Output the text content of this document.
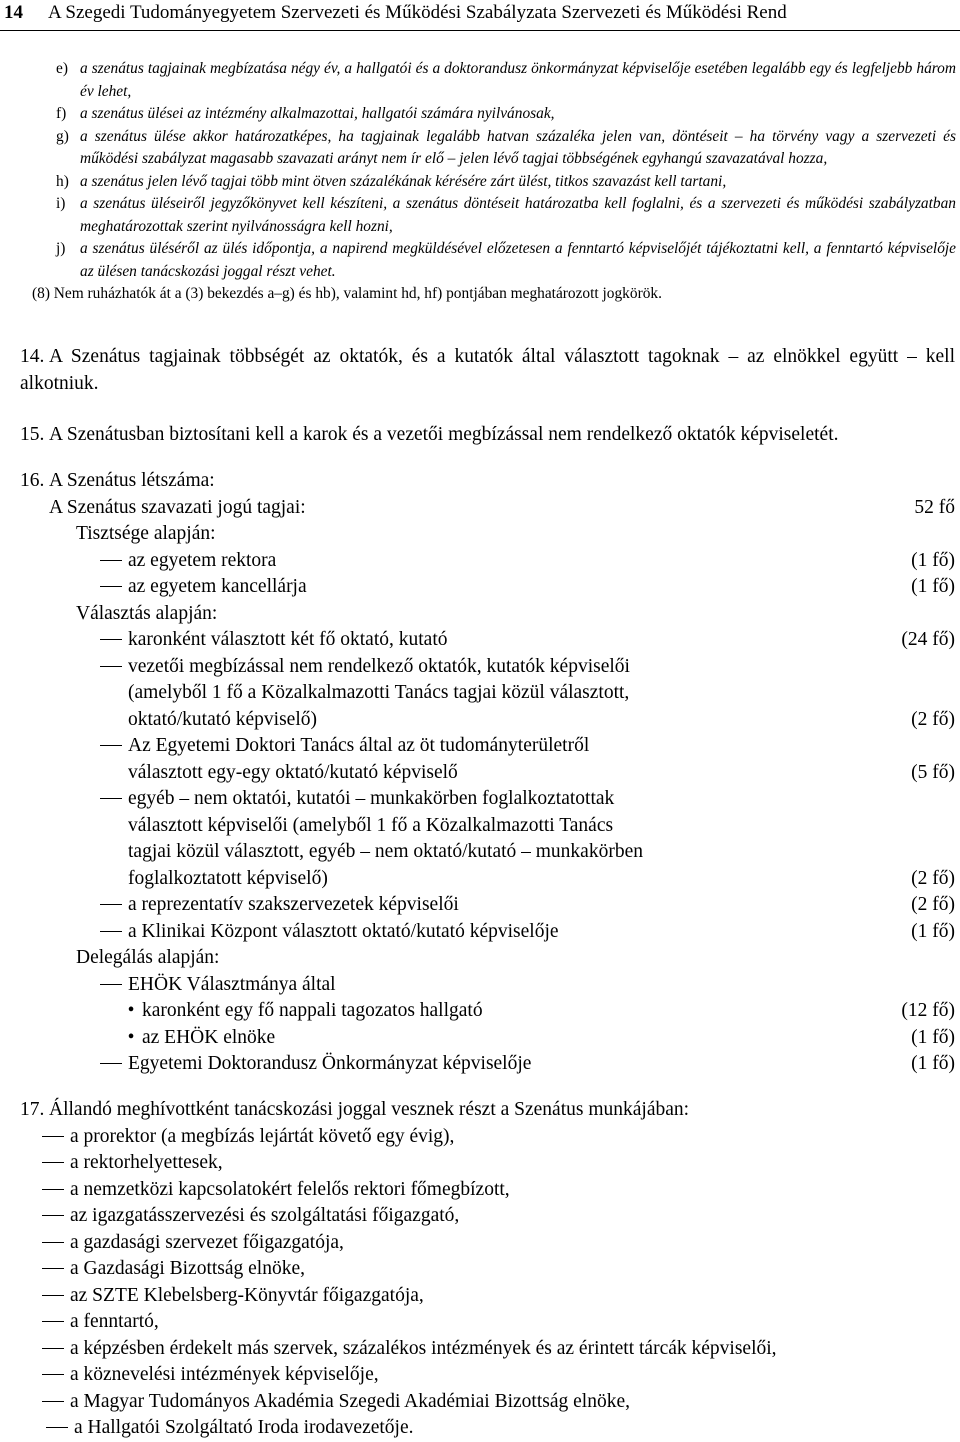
14 A Szegedi Tudományegyetem Szervezeti és Működési Szabályzata Szervezeti és Működési Rend
e) a szenátus tagjainak megbízatása négy év, a hallgatói és a doktorandusz önkormányzat képviselője esetében legalább egy és legfeljebb három év lehet,
f) a szenátus ülései az intézmény alkalmazottai, hallgatói számára nyilvánosak,
g) a szenátus ülése akkor határozatképes, ha tagjainak legalább hatvan százaléka jelen van, döntéseit – ha törvény vagy a szervezeti és működési szabályzat magasabb szavazati arányt nem ír elő – jelen lévő tagjai többségének egyhangú szavazatával hozza,
h) a szenátus jelen lévő tagjai több mint ötven százalékának kérésére zárt ülést, titkos szavazást kell tartani,
i) a szenátus üléseiről jegyzőkönyvet kell készíteni, a szenátus döntéseit határozatba kell foglalni, és a szervezeti és működési szabályzatban meghatározottak szerint nyilvánosságra kell hozni,
j) a szenátus üléséről az ülés időpontja, a napirend megküldésével előzetesen a fenntartó képviselőjét tájékoztatni kell, a fenntartó képviselője az ülésen tanácskozási joggal részt vehet.
(8) Nem ruházhatók át a (3) bekezdés a–g) és hb), valamint hd, hf) pontjában meghatározott jogkörök.
14. A Szenátus tagjainak többségét az oktatók, és a kutatók által választott tagoknak – az elnökkel együtt – kell alkotniuk.
15. A Szenátusban biztosítani kell a karok és a vezetői megbízással nem rendelkező oktatók képviseletét.
16. A Szenátus létszáma:
A Szenátus szavazati jogú tagjai:	52 fő
Tisztsége alapján:
az egyetem rektora	(1 fő)
az egyetem kancellárja	(1 fő)
Választás alapján:
karonként választott két fő oktató, kutató	(24 fő)
vezetői megbízással nem rendelkező oktatók, kutatók képviselői
(amelyből 1 fő a Közalkalmazotti Tanács tagjai közül választott,
oktató/kutató képviselő)	(2 fő)
Az Egyetemi Doktori Tanács által az öt tudományterületről
választott egy-egy oktató/kutató képviselő	(5 fő)
egyéb – nem oktatói, kutatói – munkakörben foglalkoztatottak
választott képviselői (amelyből 1 fő a Közalkalmazotti Tanács
tagjai közül választott, egyéb – nem oktató/kutató – munkakörben
foglalkoztatott képviselő)	(2 fő)
a reprezentatív szakszervezetek képviselői	(2 fő)
a Klinikai Központ választott oktató/kutató képviselője	(1 fő)
Delegálás alapján:
EHÖK Választmánya által
• karonként egy fő nappali tagozatos hallgató	(12 fő)
• az EHÖK elnöke	(1 fő)
Egyetemi Doktorandusz Önkormányzat képviselője	(1 fő)
17. Állandó meghívottként tanácskozási joggal vesznek részt a Szenátus munkájában:
a prorektor (a megbízás lejártát követő egy évig),
a rektorhelyettesek,
a nemzetközi kapcsolatokért felelős rektori főmegbízott,
az igazgatásszervezési és szolgáltatási főigazgató,
a gazdasági szervezet főigazgatója,
a Gazdasági Bizottság elnöke,
az SZTE Klebelsberg-Könyvtár főigazgatója,
a fenntartó,
a képzésben érdekelt más szervek, százalékos intézmények és az érintett tárcák képviselői,
a köznevelési intézmények képviselője,
a Magyar Tudományos Akadémia Szegedi Akadémiai Bizottság elnöke,
a Hallgatói Szolgáltató Iroda irodavezetője.
